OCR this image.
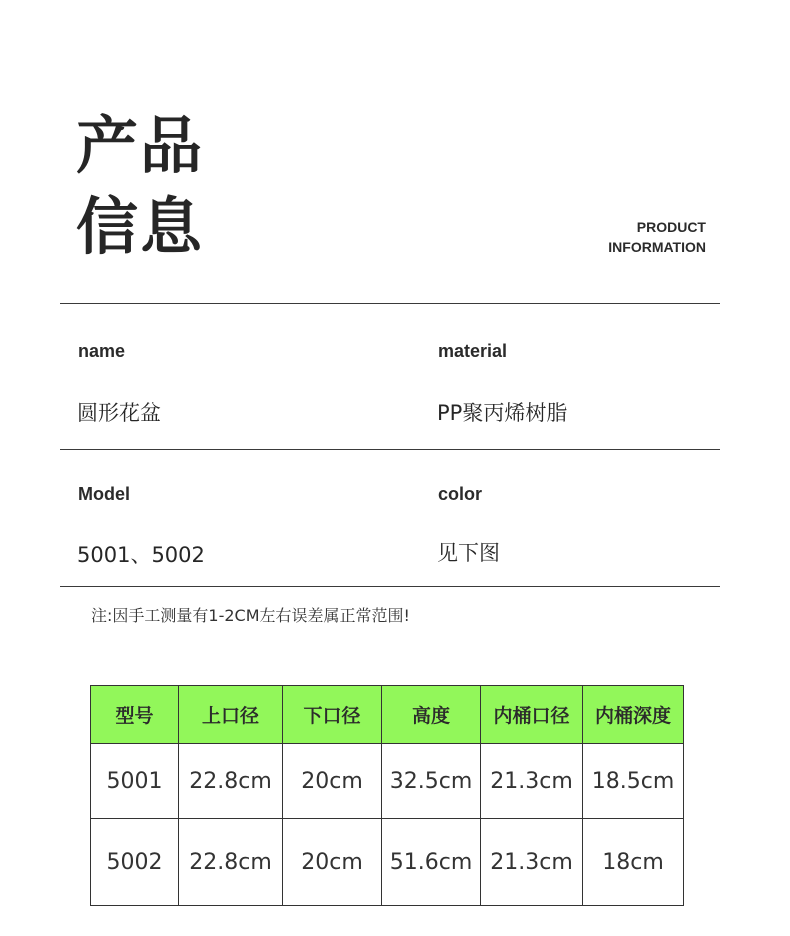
产品
信息	PRODUCT
INFORMATION
name	material
圆形花盆	PP聚丙烯树脂
Model	color
5001、5002	见下图
注:因手工测量有1-2CM左右误差属正常范围!
型号	上口径	下口径	高度	内桶口径	内桶深度
5001	22.8cm	20cm	32.5cm	21.3cm	18.5cm
5002	22.8cm	20cm	51.6cm	21.3cm	18cm
